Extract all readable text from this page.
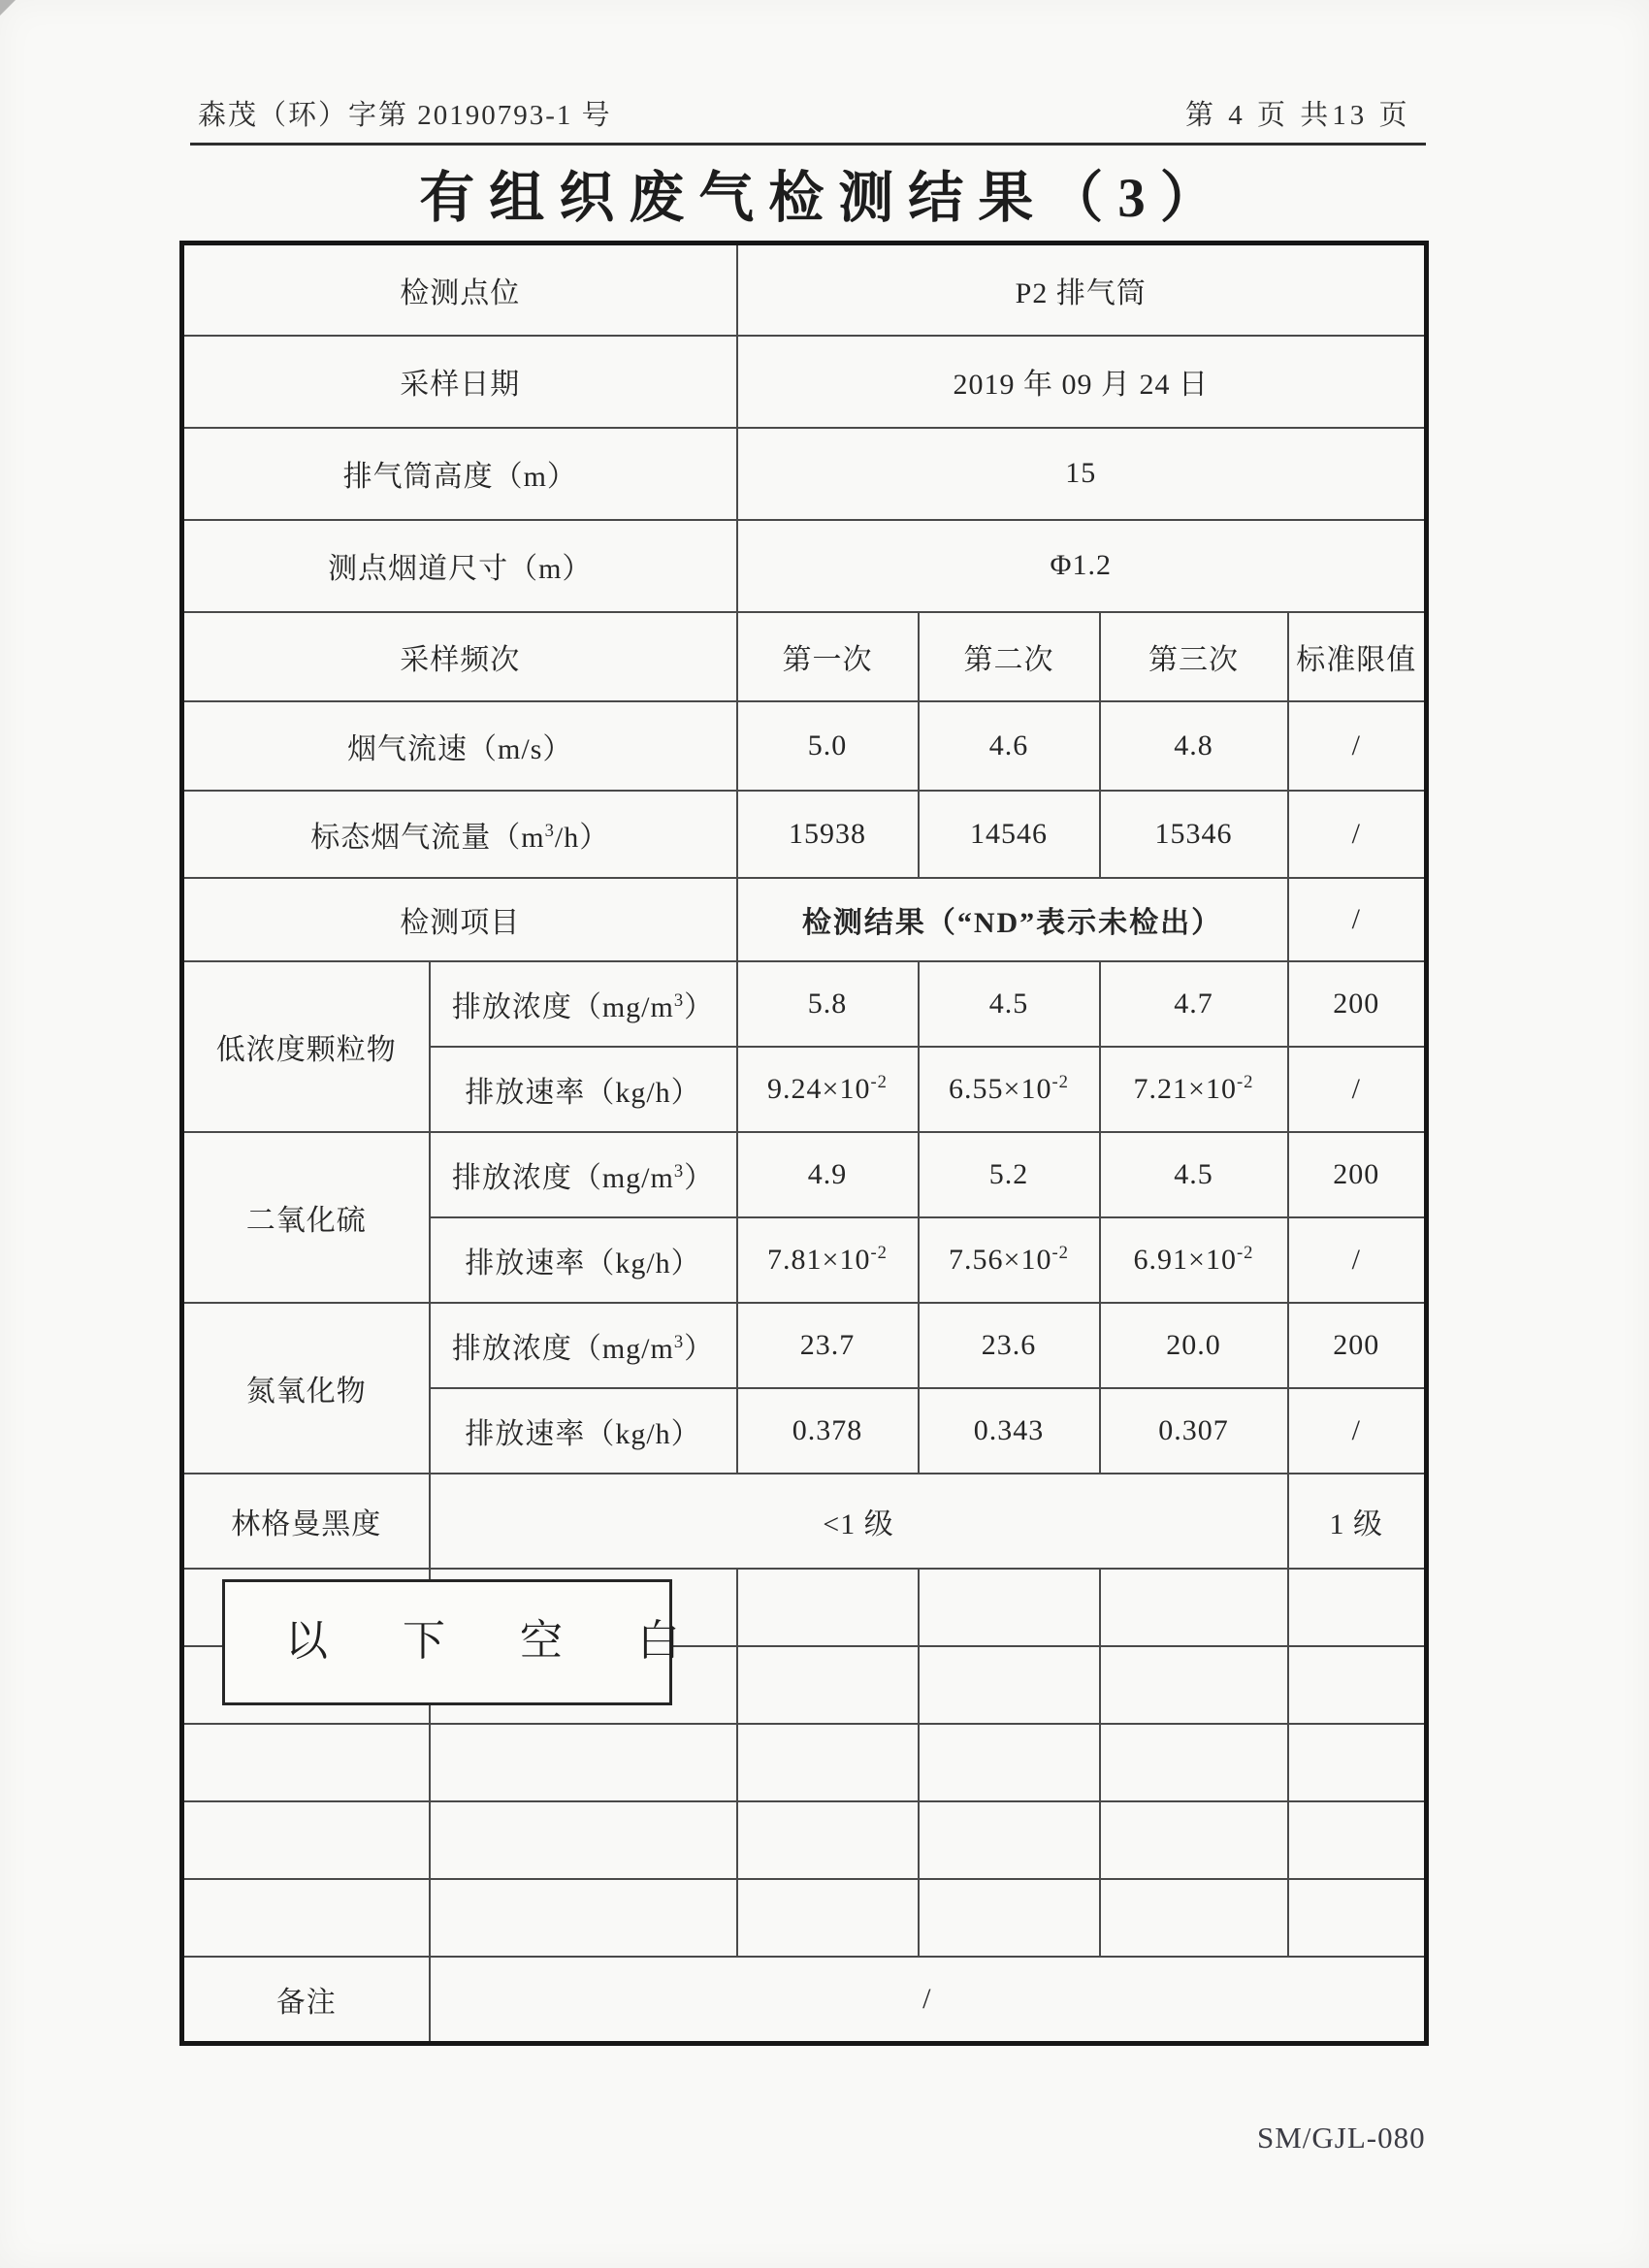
森茂（环）字第 20190793-1 号	第 4 页 共13 页
有组织废气检测结果（3）
检测点位		P2 排气筒			
采样日期		2019 年 09 月 24 日			
排气筒高度（m）		15			
测点烟道尺寸（m）		Φ1.2			
采样频次		第一次	第二次	第三次	标准限值
烟气流速（m/s）		5.0	4.6	4.8	/
标态烟气流量$(m^3/h)$		15938	14546	15346	/
检测项目		检测结果（“ND”表示未检出）			/
低浓度颗粒物	排放浓度$(mg/m^3)$	5.8	4.5	4.7	200
	排放速率（kg/h）	$9.24\times 10^{-2}$	$6.55\times 10^{-2}$	$7.21\times 10^{-2}$	/
二氧化硫	排放浓度$(mg/m^3)$	4.9	5.2	4.5	200
	排放速率（kg/h）	$7.81\times 10^{-2}$	$7.56\times 10^{-2}$	$6.91\times 10^{-2}$	/
氮氧化物	排放浓度$(mg/m^3)$	23.7	23.6	20.0	200
	排放速率（kg/h）	0.378	0.343	0.307	/
林格曼黑度	<1 级				1 级

备注	/				
以 下 空 白
SM/GJL-080
